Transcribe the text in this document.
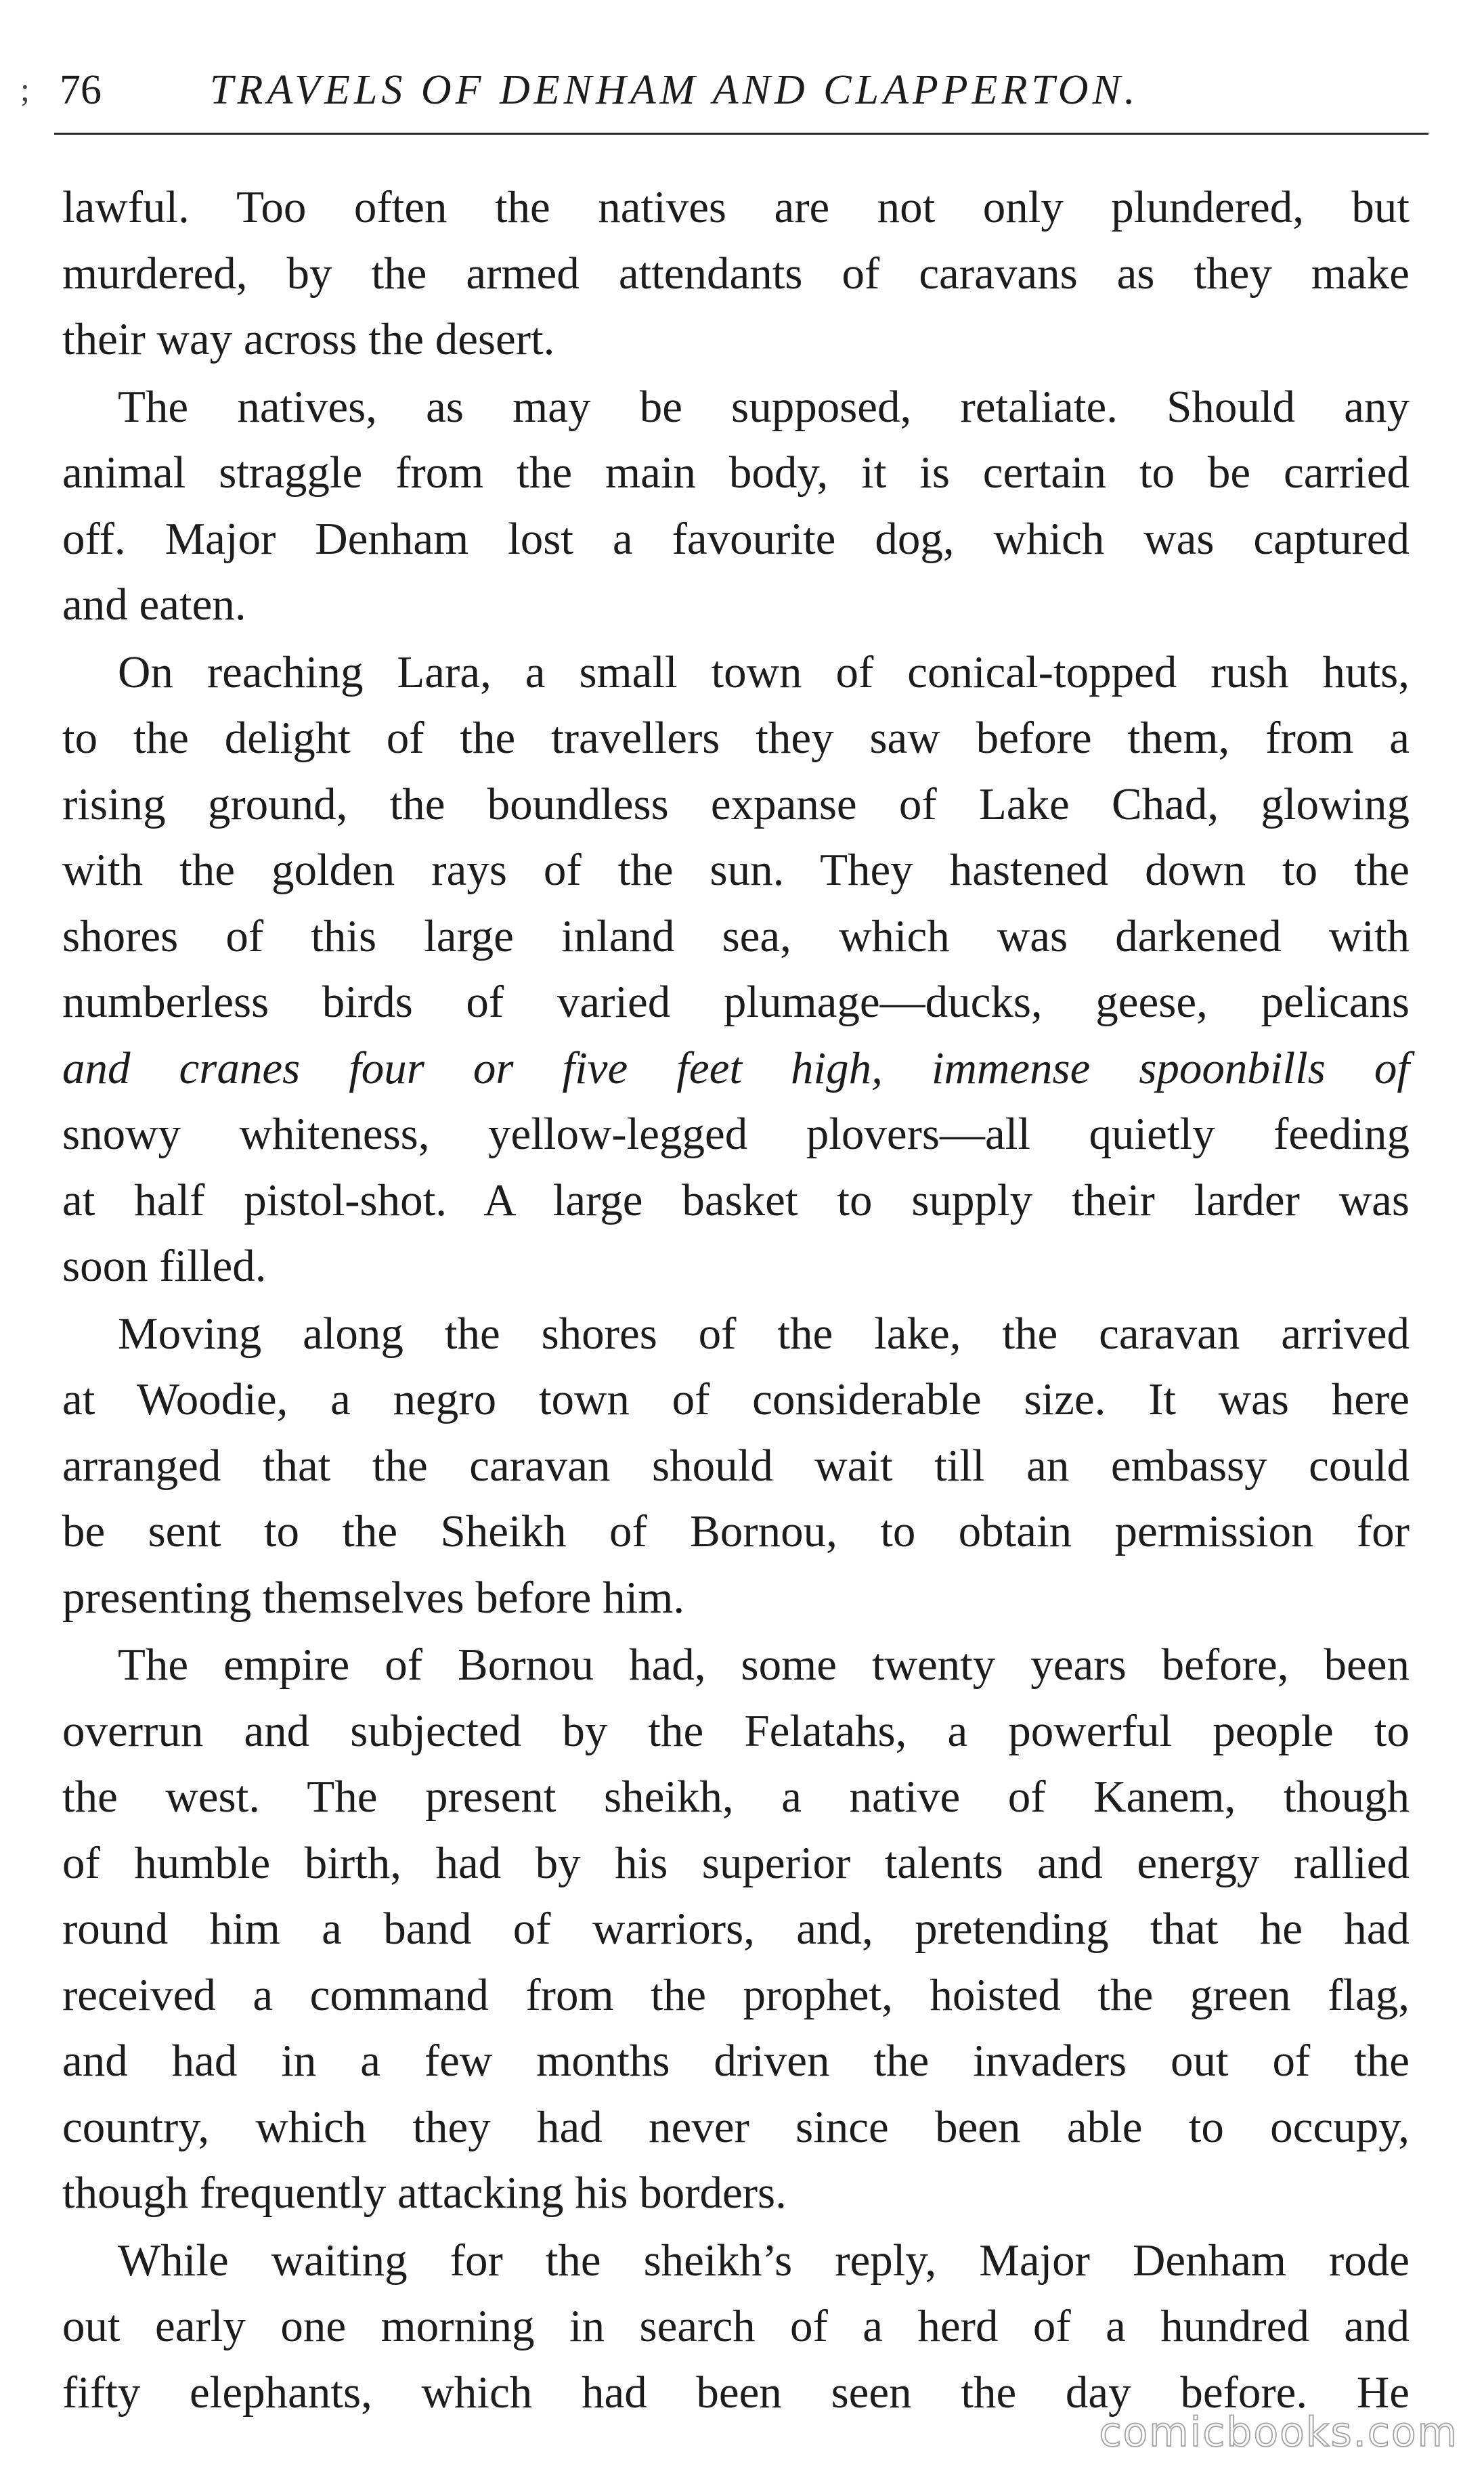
; 76	TRAVELS OF DENHAM AND CLAPPERTON.
lawful. Too often the natives are not only plundered, but
murdered, by the armed attendants of caravans as they make
their way across the desert.
The natives, as may be supposed, retaliate. Should any
animal straggle from the main body, it is certain to be carried
off. Major Denham lost a favourite dog, which was captured
and eaten.
On reaching Lara, a small town of conical-topped rush huts,
to the delight of the travellers they saw before them, from a
rising ground, the boundless expanse of Lake Chad, glowing
with the golden rays of the sun. They hastened down to the
shores of this large inland sea, which was darkened with
numberless birds of varied plumage—ducks, geese, pelicans
and cranes four or five feet high, immense spoonbills of
snowy whiteness, yellow-legged plovers—all quietly feeding
at half pistol-shot. A large basket to supply their larder was
soon filled.
Moving along the shores of the lake, the caravan arrived
at Woodie, a negro town of considerable size. It was here
arranged that the caravan should wait till an embassy could
be sent to the Sheikh of Bornou, to obtain permission for
presenting themselves before him.
The empire of Bornou had, some twenty years before, been
overrun and subjected by the Felatahs, a powerful people to
the west. The present sheikh, a native of Kanem, though
of humble birth, had by his superior talents and energy rallied
round him a band of warriors, and, pretending that he had
received a command from the prophet, hoisted the green flag,
and had in a few months driven the invaders out of the
country, which they had never since been able to occupy,
though frequently attacking his borders.
While waiting for the sheikh’s reply, Major Denham rode
out early one morning in search of a herd of a hundred and
fifty elephants, which had been seen the day before. He
comicbooks.com
